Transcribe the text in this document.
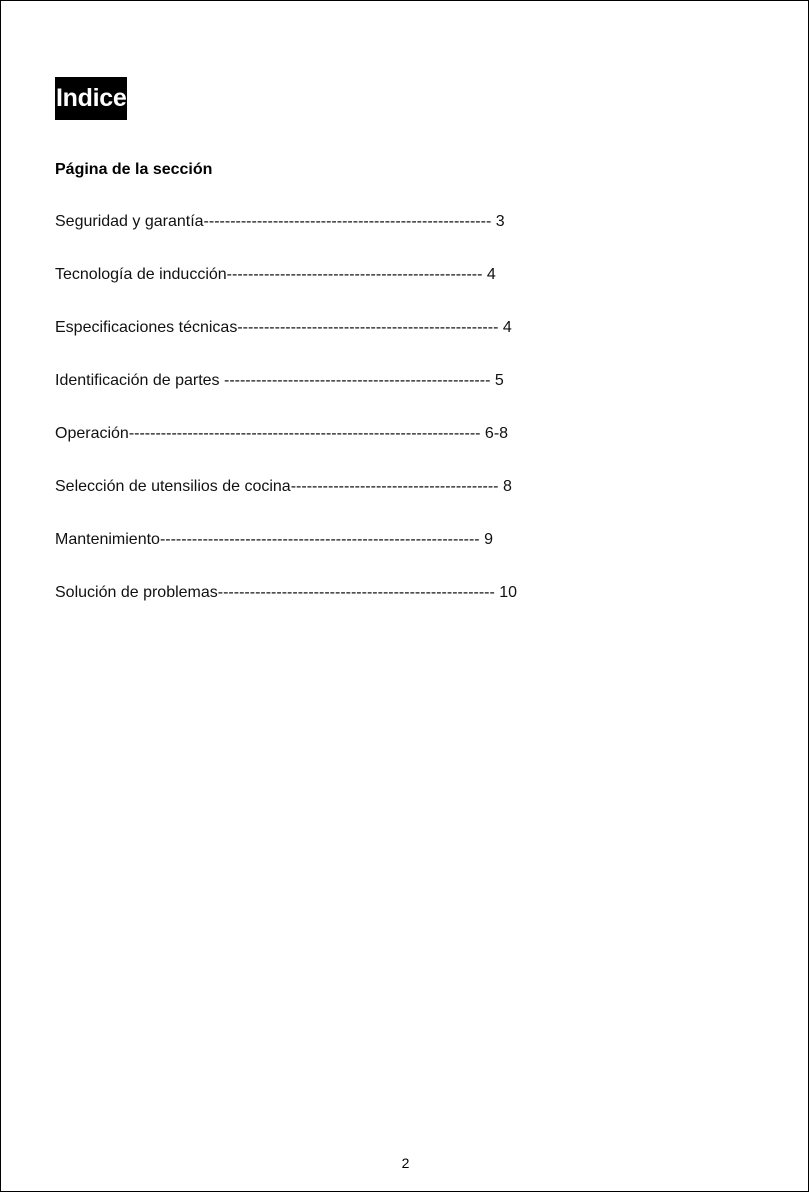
Indice
Página de la sección
Seguridad y garantía------------------------------------------------------ 3
Tecnología de inducción------------------------------------------------ 4
Especificaciones técnicas------------------------------------------------- 4
Identificación de partes -------------------------------------------------- 5
Operación------------------------------------------------------------------ 6-8
Selección de utensilios de cocina--------------------------------------- 8
Mantenimiento------------------------------------------------------------ 9
Solución de problemas---------------------------------------------------- 10
2
